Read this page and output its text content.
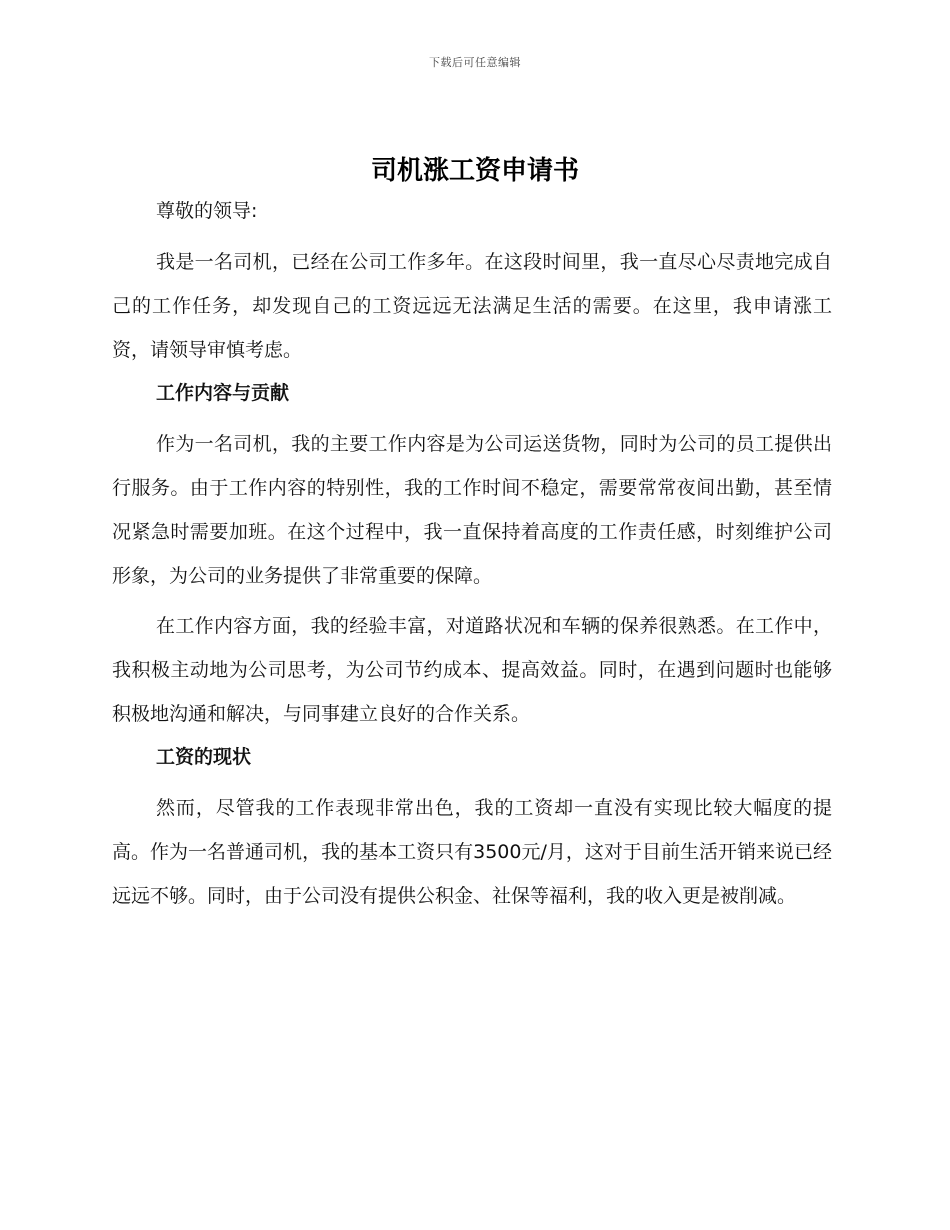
下载后可任意编辑
司机涨工资申请书

尊敬的领导:

我是一名司机，已经在公司工作多年。在这段时间里，我一直尽心尽责地完成自己的工作任务，却发现自己的工资远远无法满足生活的需要。在这里，我申请涨工资，请领导审慎考虑。

工作内容与贡献

作为一名司机，我的主要工作内容是为公司运送货物，同时为公司的员工提供出行服务。由于工作内容的特别性，我的工作时间不稳定，需要常常夜间出勤，甚至情况紧急时需要加班。在这个过程中，我一直保持着高度的工作责任感，时刻维护公司形象，为公司的业务提供了非常重要的保障。

在工作内容方面，我的经验丰富，对道路状况和车辆的保养很熟悉。在工作中，我积极主动地为公司思考，为公司节约成本、提高效益。同时，在遇到问题时也能够积极地沟通和解决，与同事建立良好的合作关系。

工资的现状

然而，尽管我的工作表现非常出色，我的工资却一直没有实现比较大幅度的提高。作为一名普通司机，我的基本工资只有3500元/月，这对于目前生活开销来说已经远远不够。同时，由于公司没有提供公积金、社保等福利，我的收入更是被削减。
